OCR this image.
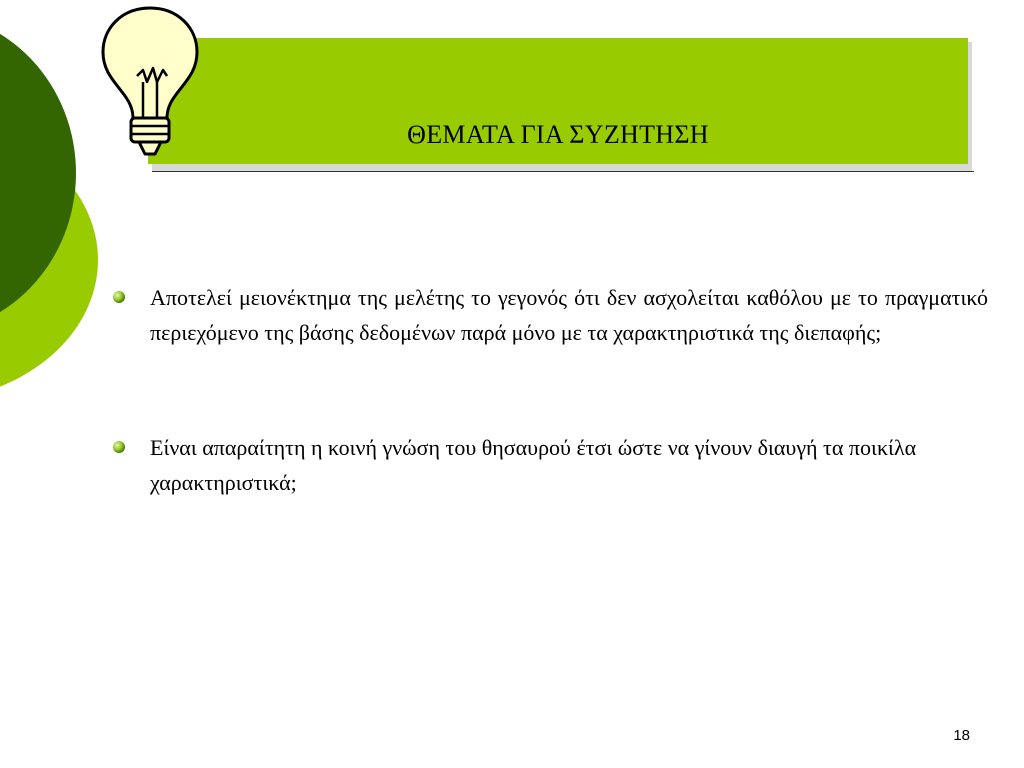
ΘΕΜΑΤΑ ΓΙΑ ΣΥΖΗΤΗΣΗ
Αποτελεί μειονέκτημα της μελέτης το γεγονός ότι δεν ασχολείται καθόλου με το πραγματικό περιεχόμενο της βάσης δεδομένων παρά μόνο με τα χαρακτηριστικά της διεπαφής;
Είναι απαραίτητη η κοινή γνώση του θησαυρού έτσι ώστε να γίνουν διαυγή τα ποικίλα χαρακτηριστικά;
18
